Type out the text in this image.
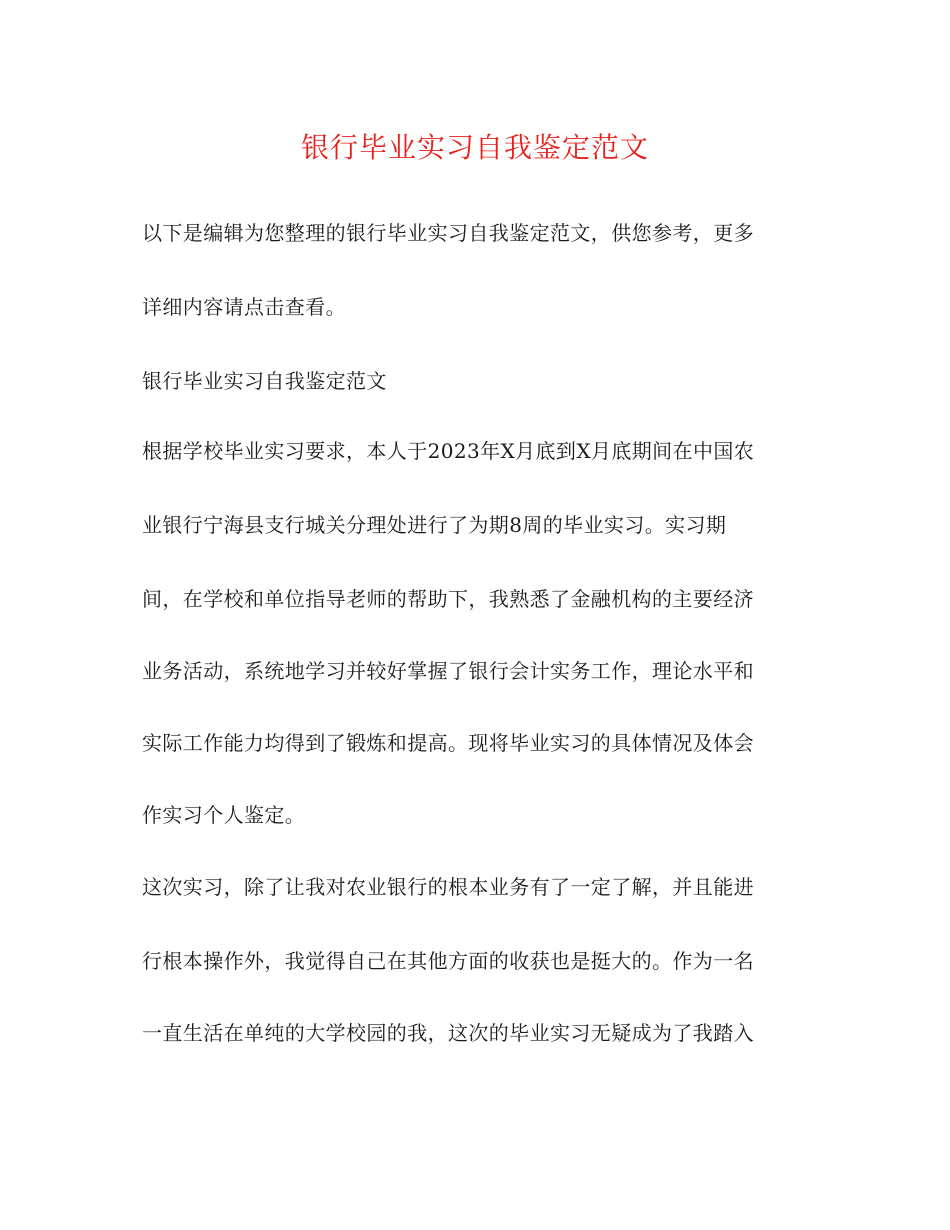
银行毕业实习自我鉴定范文

以下是编辑为您整理的银行毕业实习自我鉴定范文，供您参考，更多

详细内容请点击查看。

银行毕业实习自我鉴定范文

根据学校毕业实习要求，本人于2023年X月底到X月底期间在中国农

业银行宁海县支行城关分理处进行了为期8周的毕业实习。实习期

间，在学校和单位指导老师的帮助下，我熟悉了金融机构的主要经济

业务活动，系统地学习并较好掌握了银行会计实务工作，理论水平和

实际工作能力均得到了锻炼和提高。现将毕业实习的具体情况及体会

作实习个人鉴定。

这次实习，除了让我对农业银行的根本业务有了一定了解，并且能进

行根本操作外，我觉得自己在其他方面的收获也是挺大的。作为一名

一直生活在单纯的大学校园的我，这次的毕业实习无疑成为了我踏入
